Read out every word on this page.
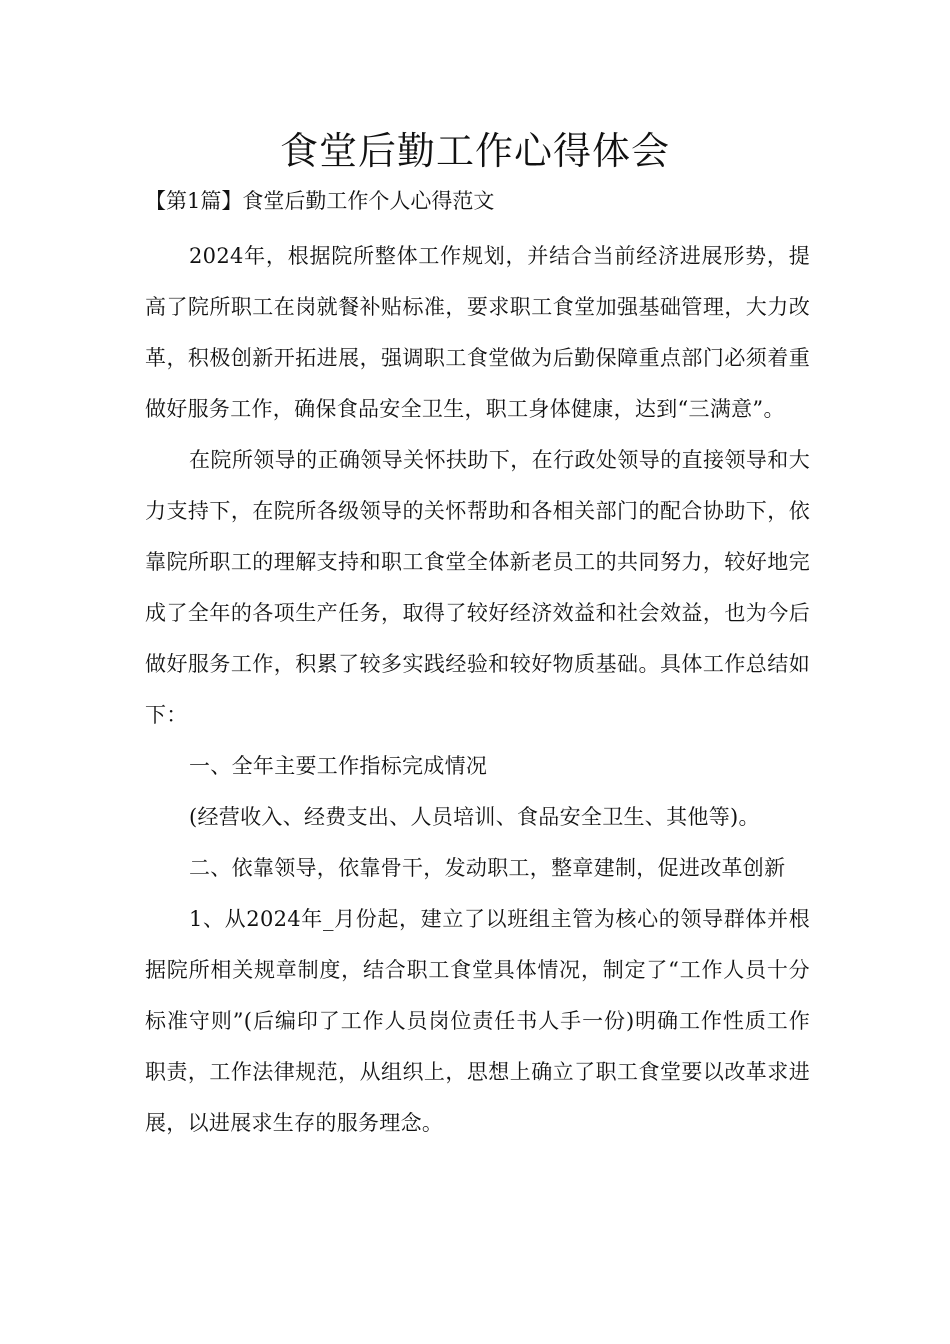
食堂后勤工作心得体会

【第1篇】食堂后勤工作个人心得范文

2024年，根据院所整体工作规划，并结合当前经济进展形势，提高了院所职工在岗就餐补贴标准，要求职工食堂加强基础管理，大力改革，积极创新开拓进展，强调职工食堂做为后勤保障重点部门必须着重做好服务工作，确保食品安全卫生，职工身体健康，达到“三满意”。

在院所领导的正确领导关怀扶助下，在行政处领导的直接领导和大力支持下，在院所各级领导的关怀帮助和各相关部门的配合协助下，依靠院所职工的理解支持和职工食堂全体新老员工的共同努力，较好地完成了全年的各项生产任务，取得了较好经济效益和社会效益，也为今后做好服务工作，积累了较多实践经验和较好物质基础。具体工作总结如下：

一、全年主要工作指标完成情况

(经营收入、经费支出、人员培训、食品安全卫生、其他等)。

二、依靠领导，依靠骨干，发动职工，整章建制，促进改革创新

1、从2024年_月份起，建立了以班组主管为核心的领导群体并根据院所相关规章制度，结合职工食堂具体情况，制定了“工作人员十分标准守则”(后编印了工作人员岗位责任书人手一份)明确工作性质工作职责，工作法律规范，从组织上，思想上确立了职工食堂要以改革求进展，以进展求生存的服务理念。
